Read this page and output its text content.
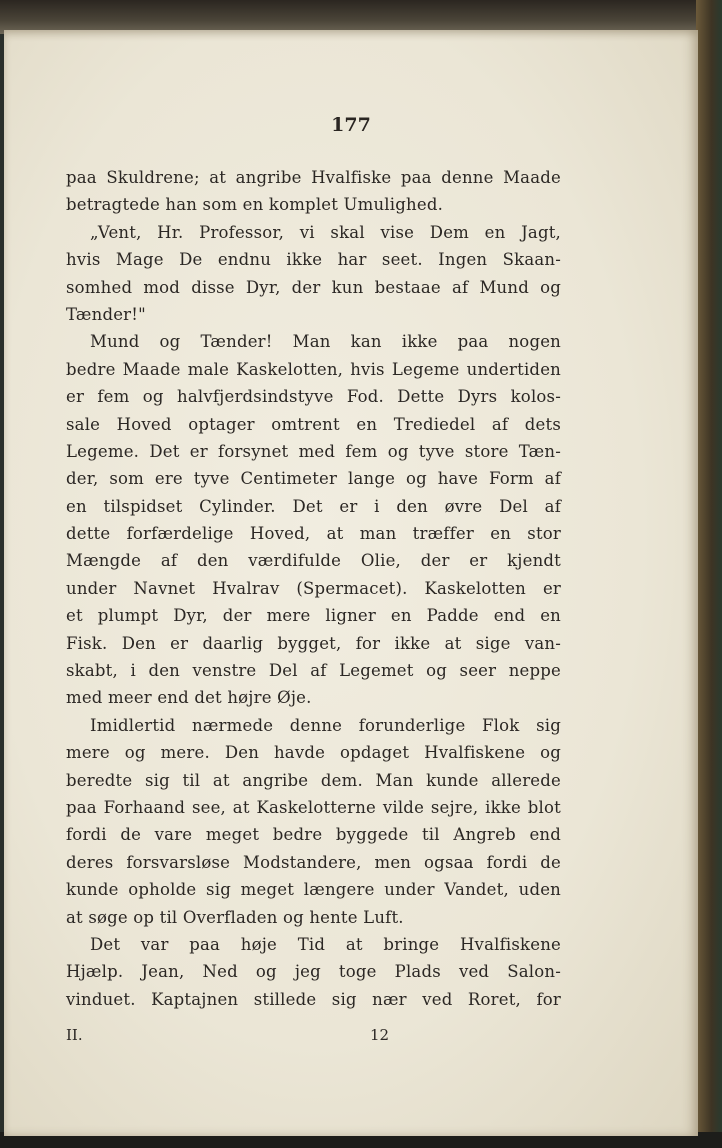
177
paa Skuldrene; at angribe Hvalfiske paa denne Maade
betragtede han som en komplet Umulighed.
„Vent, Hr. Professor, vi skal vise Dem en Jagt,
hvis Mage De endnu ikke har seet. Ingen Skaan-
somhed mod disse Dyr, der kun bestaae af Mund og
Tænder!"
Mund og Tænder! Man kan ikke paa nogen
bedre Maade male Kaskelotten, hvis Legeme undertiden
er fem og halvfjerdsindstyve Fod. Dette Dyrs kolos-
sale Hoved optager omtrent en Trediedel af dets
Legeme. Det er forsynet med fem og tyve store Tæn-
der, som ere tyve Centimeter lange og have Form af
en tilspidset Cylinder. Det er i den øvre Del af
dette forfærdelige Hoved, at man træffer en stor
Mængde af den værdifulde Olie, der er kjendt
under Navnet Hvalrav (Spermacet). Kaskelotten er
et plumpt Dyr, der mere ligner en Padde end en
Fisk. Den er daarlig bygget, for ikke at sige van-
skabt, i den venstre Del af Legemet og seer neppe
med meer end det højre Øje.
Imidlertid nærmede denne forunderlige Flok sig
mere og mere. Den havde opdaget Hvalfiskene og
beredte sig til at angribe dem. Man kunde allerede
paa Forhaand see, at Kaskelotterne vilde sejre, ikke blot
fordi de vare meget bedre byggede til Angreb end
deres forsvarsløse Modstandere, men ogsaa fordi de
kunde opholde sig meget længere under Vandet, uden
at søge op til Overfladen og hente Luft.
Det var paa høje Tid at bringe Hvalfiskene
Hjælp. Jean, Ned og jeg toge Plads ved Salon-
vinduet. Kaptajnen stillede sig nær ved Roret, for
II.	12
